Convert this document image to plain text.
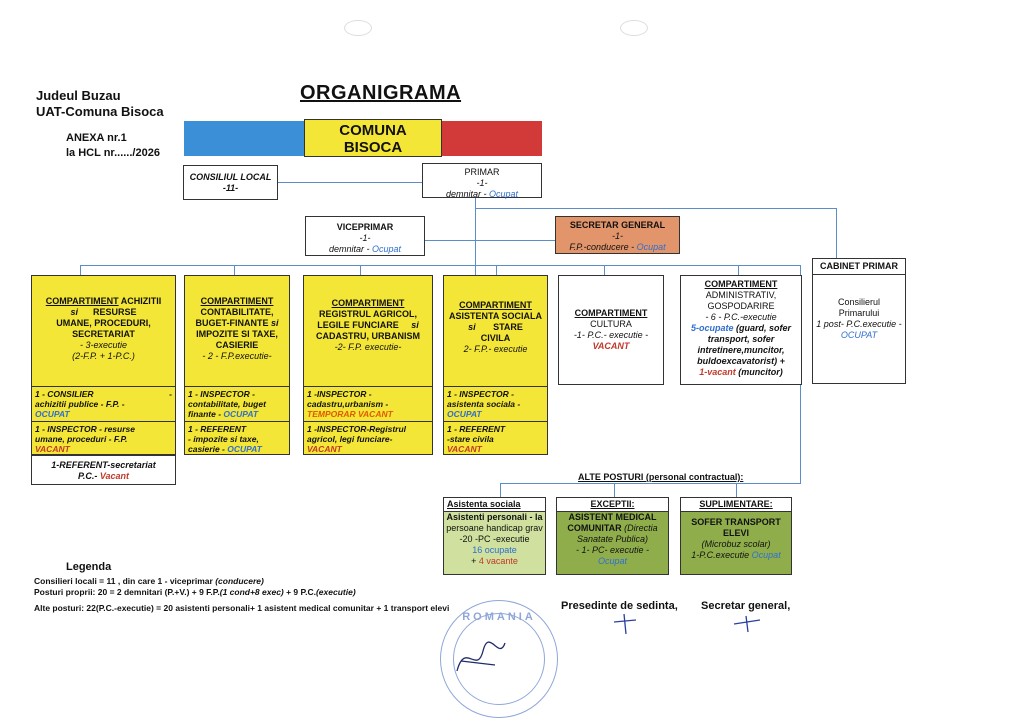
Judeul Buzau
UAT-Comuna Bisoca
ANEXA nr.1
la HCL nr....../2026
ORGANIGRAMA
COMUNA
BISOCA
CONSILIUL LOCAL
-11-
PRIMAR
-1-
demnitar - Ocupat
VICEPRIMAR
-1-
demnitar - Ocupat
SECRETAR GENERAL
-1-
F.P.-conducere - Ocupat
CABINET PRIMAR
Consilierul
Primarului
1 post- P.C.executie -
OCUPAT
COMPARTIMENT ACHIZITII
si RESURSE
UMANE, PROCEDURI,
SECRETARIAT
- 3-executie
(2-F.P. + 1-P.C.)
1 - CONSILIER	-
achizitii publice - F.P. -
OCUPAT
1 - INSPECTOR - resurse
umane, proceduri - F.P.
VACANT
1-REFERENT-secretariat
P.C.- Vacant
COMPARTIMENT
CONTABILITATE,
BUGET-FINANTE si
IMPOZITE SI TAXE,
CASIERIE
- 2 - F.P.executie-
1 - INSPECTOR -
contabilitate, buget
finante - OCUPAT
1 - REFERENT
- impozite si taxe,
casierie - OCUPAT
COMPARTIMENT
REGISTRUL AGRICOL,
LEGILE FUNCIARE si
CADASTRU, URBANISM
-2- F.P. executie-
1 -INSPECTOR -
cadastru,urbanism -
TEMPORAR VACANT
1 -INSPECTOR-Registrul
agricol, legi funciare-
VACANT
COMPARTIMENT
ASISTENTA SOCIALA
si STARE
CIVILA
2- F.P.- executie
1 - INSPECTOR -
asistenta sociala -
OCUPAT
1 - REFERENT
-stare civila
VACANT
COMPARTIMENT
CULTURA
-1- P.C.- executie -
VACANT
COMPARTIMENT
ADMINISTRATIV,
GOSPODARIRE
- 6 - P.C.-executie
5-ocupate (guard, sofer transport, sofer intretinere,muncitor, buldoexcavatorist) +
1-vacant (muncitor)
ALTE POSTURI (personal contractual):
Asistenta sociala
Asistenti personali - la
persoane handicap grav
-20 -PC -executie
16 ocupate
+ 4 vacante
EXCEPTII:
ASISTENT MEDICAL
COMUNITAR (Directia
Sanatate Publica)
- 1- PC- executie -
Ocupat
SUPLIMENTARE:
SOFER TRANSPORT
ELEVI
(Microbuz scolar)
1-P.C.executie Ocupat
Legenda
Consilieri locali = 11 , din care 1 - viceprimar (conducere)
Posturi proprii: 20 = 2 demnitari (P.+V.) + 9 F.P.(1 cond+8 exec) + 9 P.C.(executie)
Alte posturi: 22(P.C.-executie) = 20 asistenti personali+ 1 asistent medical comunitar + 1 transport elevi	Presedinte de sedinta, Secretar general,
ROMANIA
